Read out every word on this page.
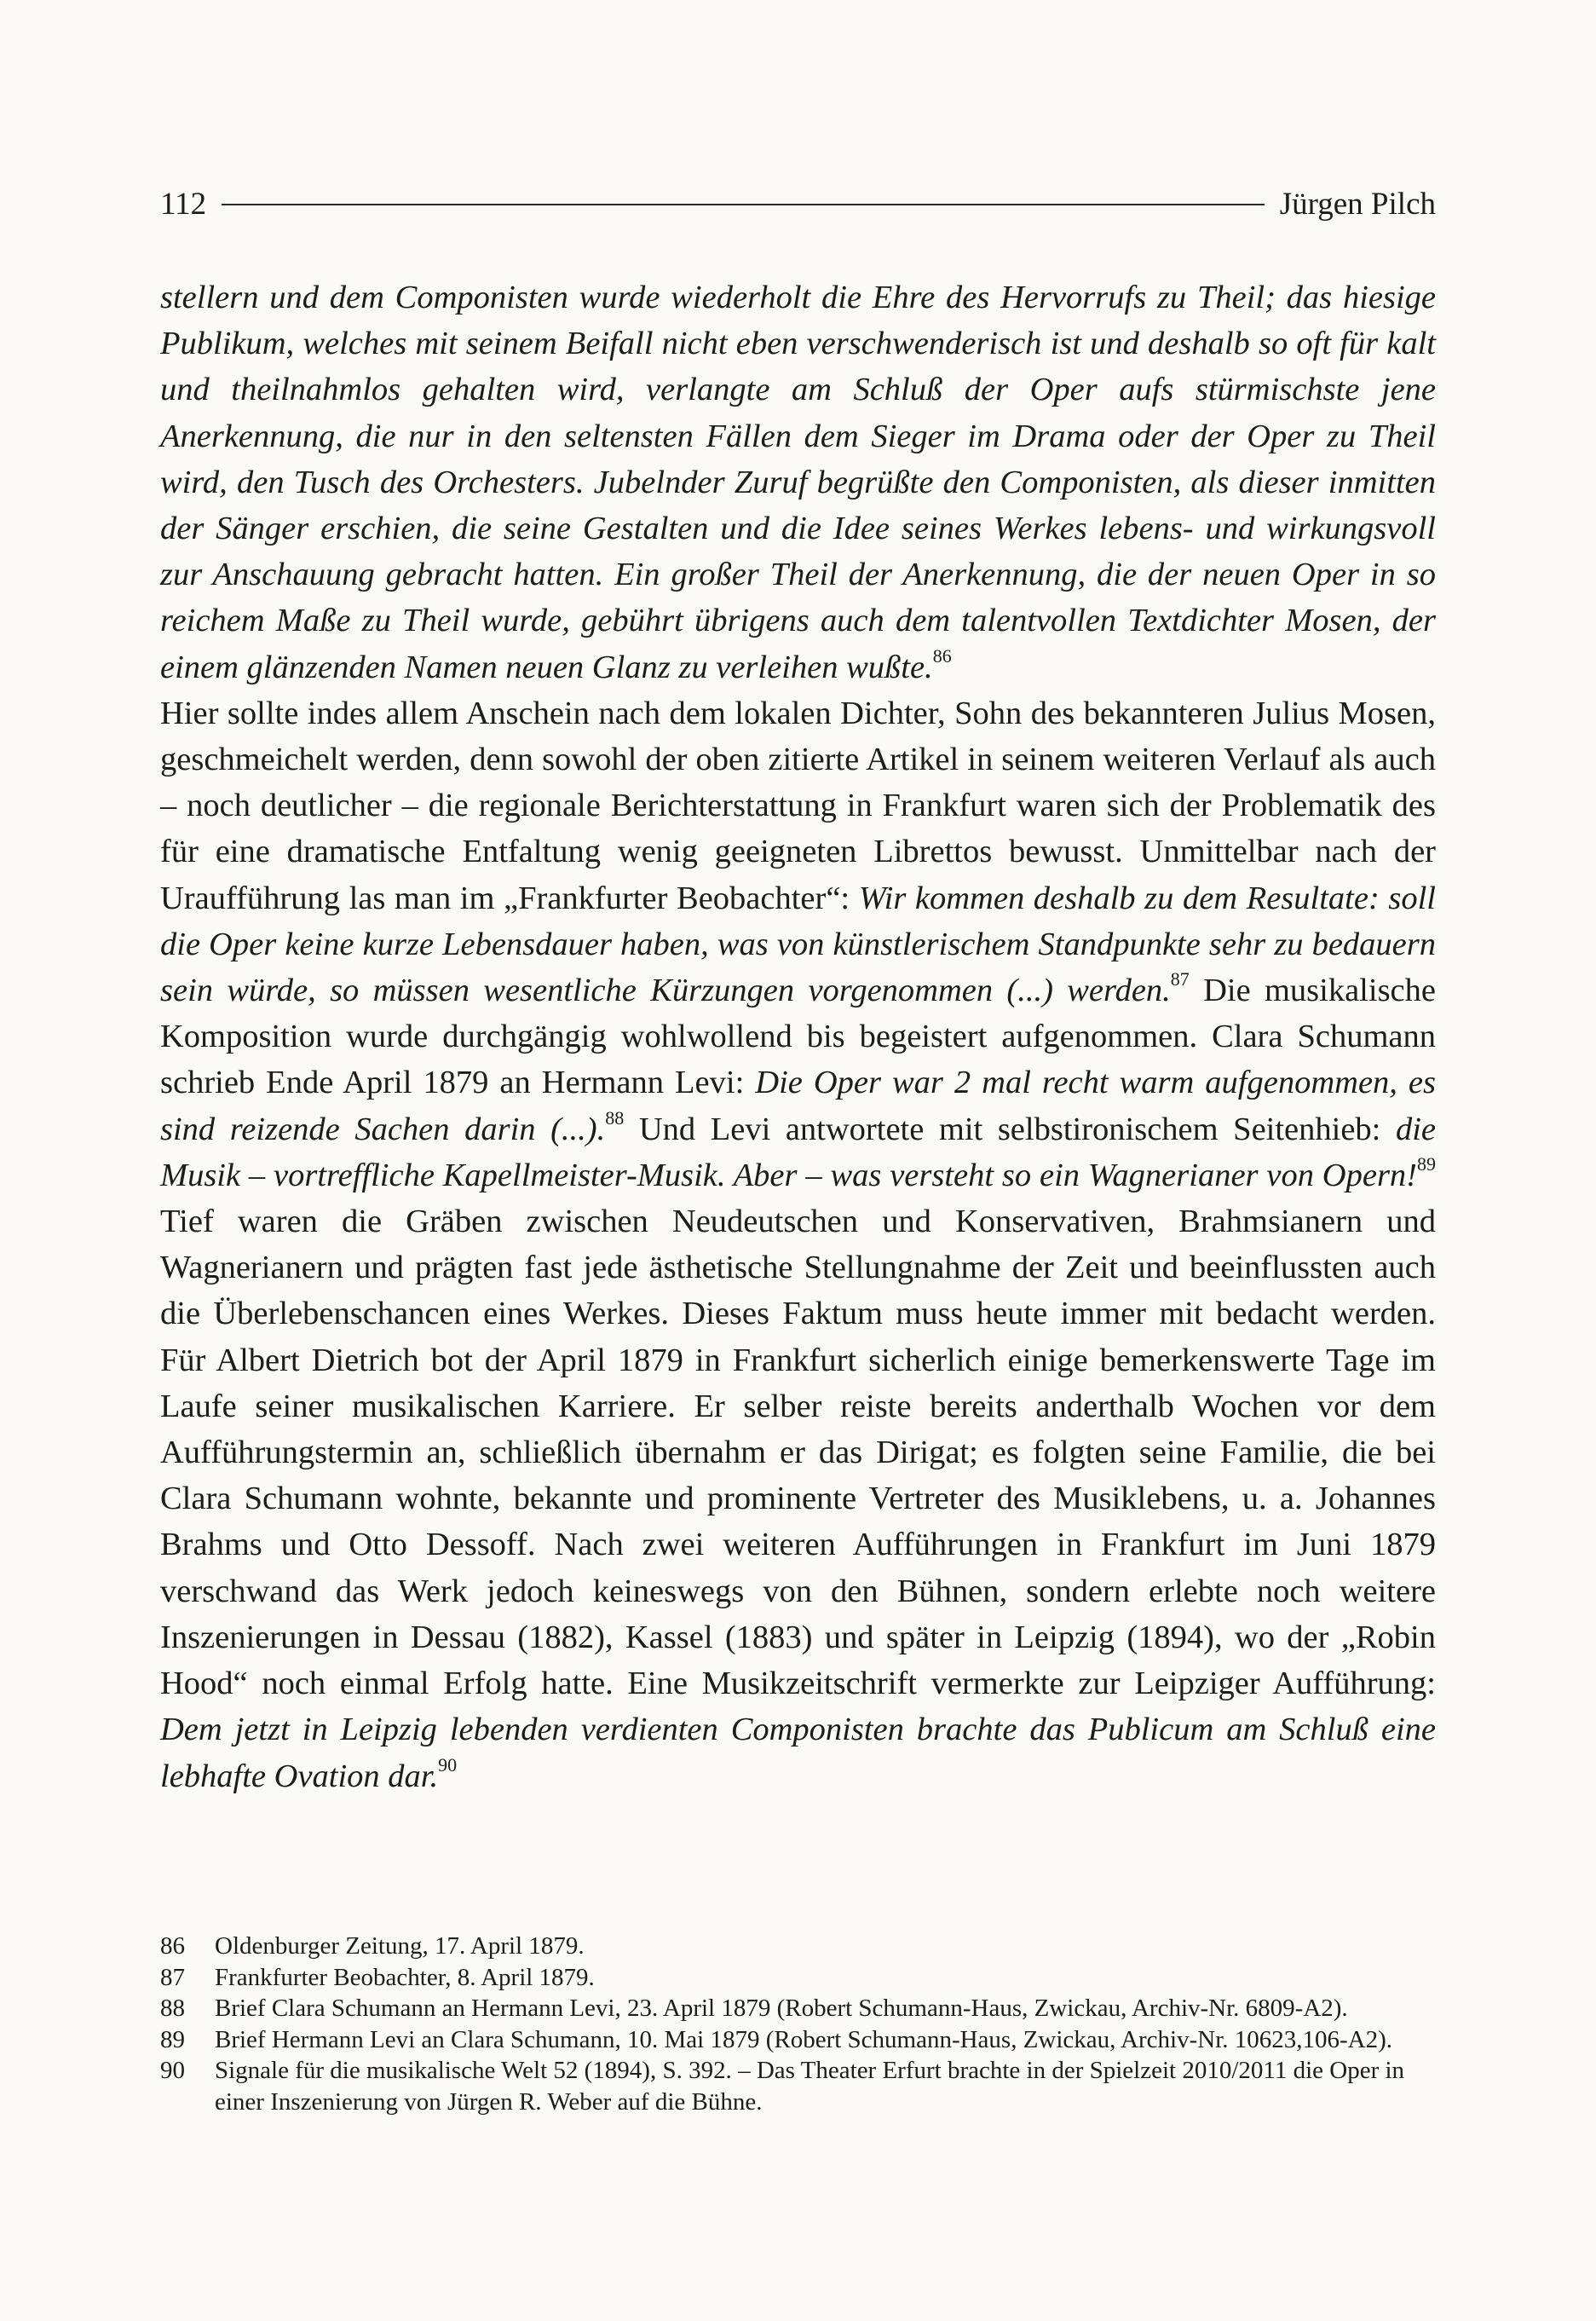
112	Jürgen Pilch

stellern und dem Componisten wurde wiederholt die Ehre des Hervorrufs zu Theil; das hiesige Publikum, welches mit seinem Beifall nicht eben verschwenderisch ist und deshalb so oft für kalt und theilnahmlos gehalten wird, verlangte am Schluß der Oper aufs stürmischste jene Anerkennung, die nur in den seltensten Fällen dem Sieger im Drama oder der Oper zu Theil wird, den Tusch des Orchesters. Jubelnder Zuruf begrüßte den Componisten, als dieser inmitten der Sänger erschien, die seine Gestalten und die Idee seines Werkes lebens- und wirkungsvoll zur Anschauung gebracht hatten. Ein großer Theil der Anerkennung, die der neuen Oper in so reichem Maße zu Theil wurde, gebührt übrigens auch dem talentvollen Textdichter Mosen, der einem glänzenden Namen neuen Glanz zu verleihen wußte.$^{86}$

Hier sollte indes allem Anschein nach dem lokalen Dichter, Sohn des bekannteren Julius Mosen, geschmeichelt werden, denn sowohl der oben zitierte Artikel in seinem weiteren Verlauf als auch – noch deutlicher – die regionale Berichterstattung in Frankfurt waren sich der Problematik des für eine dramatische Entfaltung wenig geeigneten Librettos bewusst. Unmittelbar nach der Uraufführung las man im „Frankfurter Beobachter“: Wir kommen deshalb zu dem Resultate: soll die Oper keine kurze Lebensdauer haben, was von künstlerischem Standpunkte sehr zu bedauern sein würde, so müssen wesentliche Kürzungen vorgenommen (...) werden.$^{87}$ Die musikalische Komposition wurde durchgängig wohlwollend bis begeistert aufgenommen. Clara Schumann schrieb Ende April 1879 an Hermann Levi: Die Oper war 2 mal recht warm aufgenommen, es sind reizende Sachen darin (...).$^{88}$ Und Levi antwortete mit selbstironischem Seitenhieb: die Musik – vortreffliche Kapellmeister-Musik. Aber – was versteht so ein Wagnerianer von Opern!$^{89}$ Tief waren die Gräben zwischen Neudeutschen und Konservativen, Brahmsianern und Wagnerianern und prägten fast jede ästhetische Stellungnahme der Zeit und beeinflussten auch die Überlebenschancen eines Werkes. Dieses Faktum muss heute immer mit bedacht werden. Für Albert Dietrich bot der April 1879 in Frankfurt sicherlich einige bemerkenswerte Tage im Laufe seiner musikalischen Karriere. Er selber reiste bereits anderthalb Wochen vor dem Aufführungstermin an, schließlich übernahm er das Dirigat; es folgten seine Familie, die bei Clara Schumann wohnte, bekannte und prominente Vertreter des Musiklebens, u. a. Johannes Brahms und Otto Dessoff. Nach zwei weiteren Aufführungen in Frankfurt im Juni 1879 verschwand das Werk jedoch keineswegs von den Bühnen, sondern erlebte noch weitere Inszenierungen in Dessau (1882), Kassel (1883) und später in Leipzig (1894), wo der „Robin Hood“ noch einmal Erfolg hatte. Eine Musikzeitschrift vermerkte zur Leipziger Aufführung: Dem jetzt in Leipzig lebenden verdienten Componisten brachte das Publicum am Schluß eine lebhafte Ovation dar.$^{90}$

86	Oldenburger Zeitung, 17. April 1879.
87	Frankfurter Beobachter, 8. April 1879.
88	Brief Clara Schumann an Hermann Levi, 23. April 1879 (Robert Schumann-Haus, Zwickau, Archiv-Nr. 6809-A2).
89	Brief Hermann Levi an Clara Schumann, 10. Mai 1879 (Robert Schumann-Haus, Zwickau, Archiv-Nr. 10623,106-A2).
90	Signale für die musikalische Welt 52 (1894), S. 392. – Das Theater Erfurt brachte in der Spielzeit 2010/2011 die Oper in einer Inszenierung von Jürgen R. Weber auf die Bühne.
